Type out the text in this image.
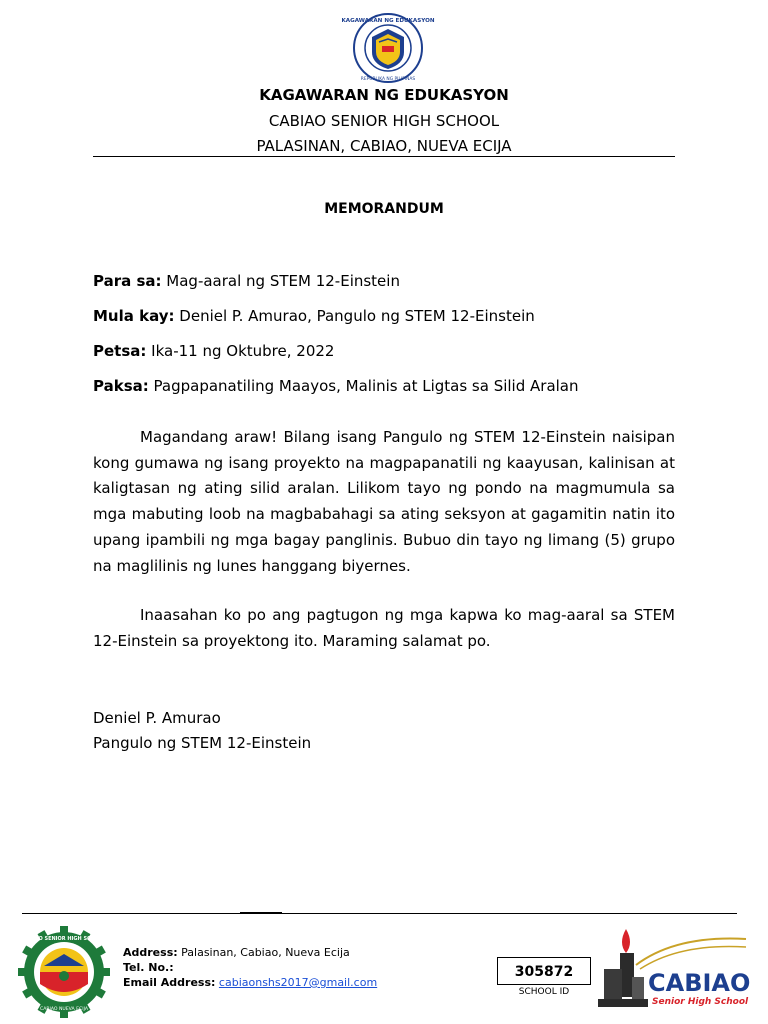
KAGAWARAN NG EDUKASYON
REPUBLIKA NG PILIPINAS
KAGAWARAN NG EDUKASYON
CABIAO SENIOR HIGH SCHOOL
PALASINAN, CABIAO, NUEVA ECIJA
MEMORANDUM
Para sa: Mag-aaral ng STEM 12-Einstein
Mula kay: Deniel P. Amurao, Pangulo ng STEM 12-Einstein
Petsa: Ika-11 ng Oktubre, 2022
Paksa: Pagpapanatiling Maayos, Malinis at Ligtas sa Silid Aralan

Magandang araw! Bilang isang Pangulo ng STEM 12-Einstein naisipan kong gumawa ng isang proyekto na magpapanatili ng kaayusan, kalinisan at kaligtasan ng ating silid aralan. Lilikom tayo ng pondo na magmumula sa mga mabuting loob na magbabahagi sa ating seksyon at gagamitin natin ito upang ipambili ng mga bagay panglinis. Bubuo din tayo ng limang (5) grupo na maglilinis ng lunes hanggang biyernes.

Inaasahan ko po ang pagtugon ng mga kapwa ko mag-aaral sa STEM 12-Einstein sa proyektong ito. Maraming salamat po.

Deniel P. Amurao
Pangulo ng STEM 12-Einstein
CABIAO SENIOR HIGH SCHOOL
CABIAO NUEVA ECIJA
Address: Palasinan, Cabiao, Nueva Ecija
Tel. No.:
Email Address: cabiaonshs2017@gmail.com
305872
SCHOOL ID	CABIAO
Senior High School
